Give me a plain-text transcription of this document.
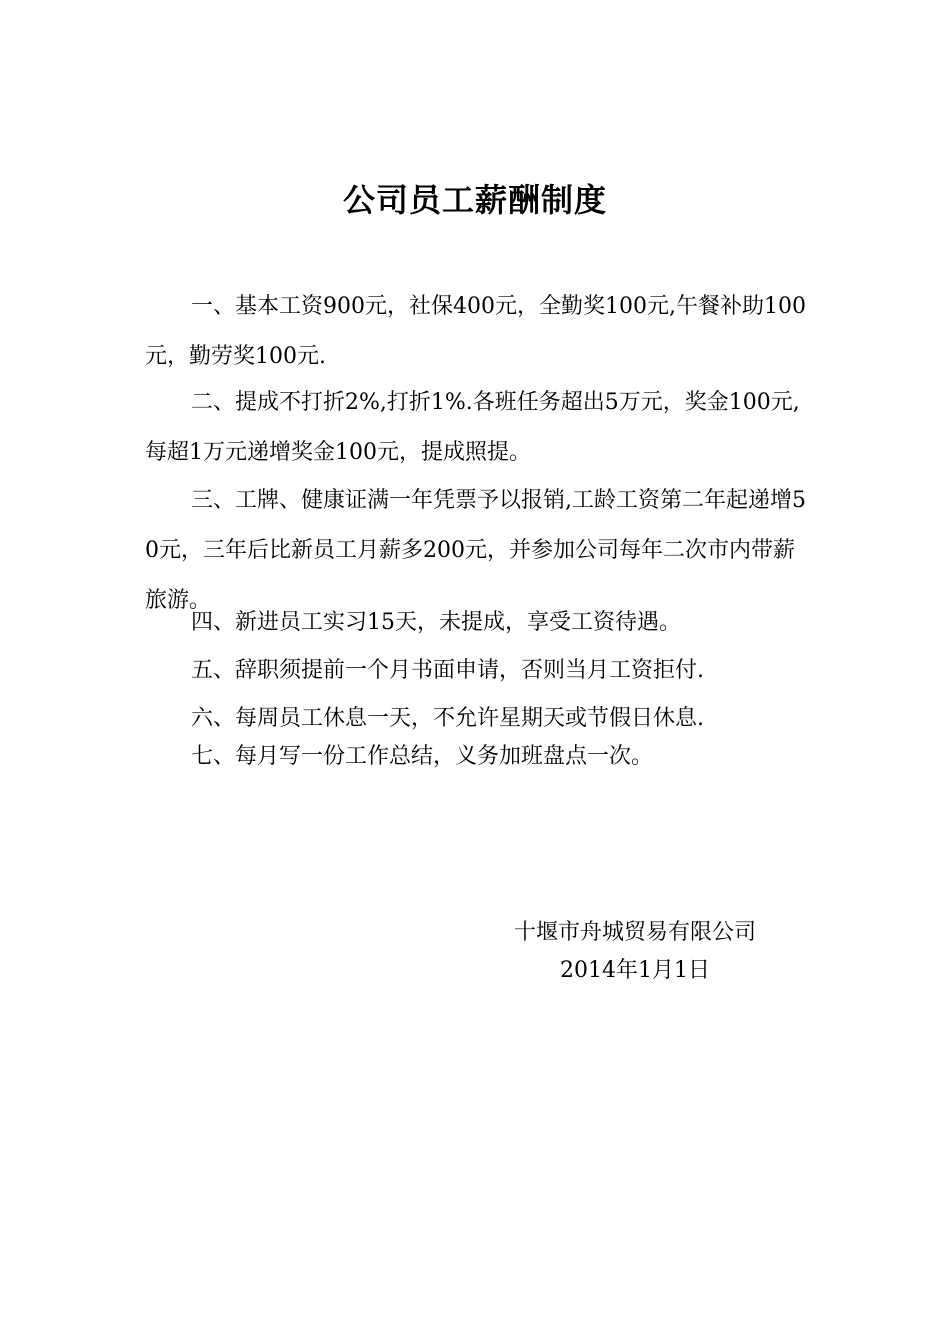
公司员工薪酬制度

一、基本工资900元，社保400元，全勤奖100元,午餐补助100元，勤劳奖100元.

二、提成不打折2%,打折1%.各班任务超出5万元，奖金100元,每超1万元递增奖金100元，提成照提。

三、工牌、健康证满一年凭票予以报销,工龄工资第二年起递增50元，三年后比新员工月薪多200元，并参加公司每年二次市内带薪旅游。

四、新进员工实习15天，未提成，享受工资待遇。

五、辞职须提前一个月书面申请，否则当月工资拒付.

六、每周员工休息一天，不允许星期天或节假日休息.

七、每月写一份工作总结，义务加班盘点一次。

十堰市舟城贸易有限公司

2014年1月1日
